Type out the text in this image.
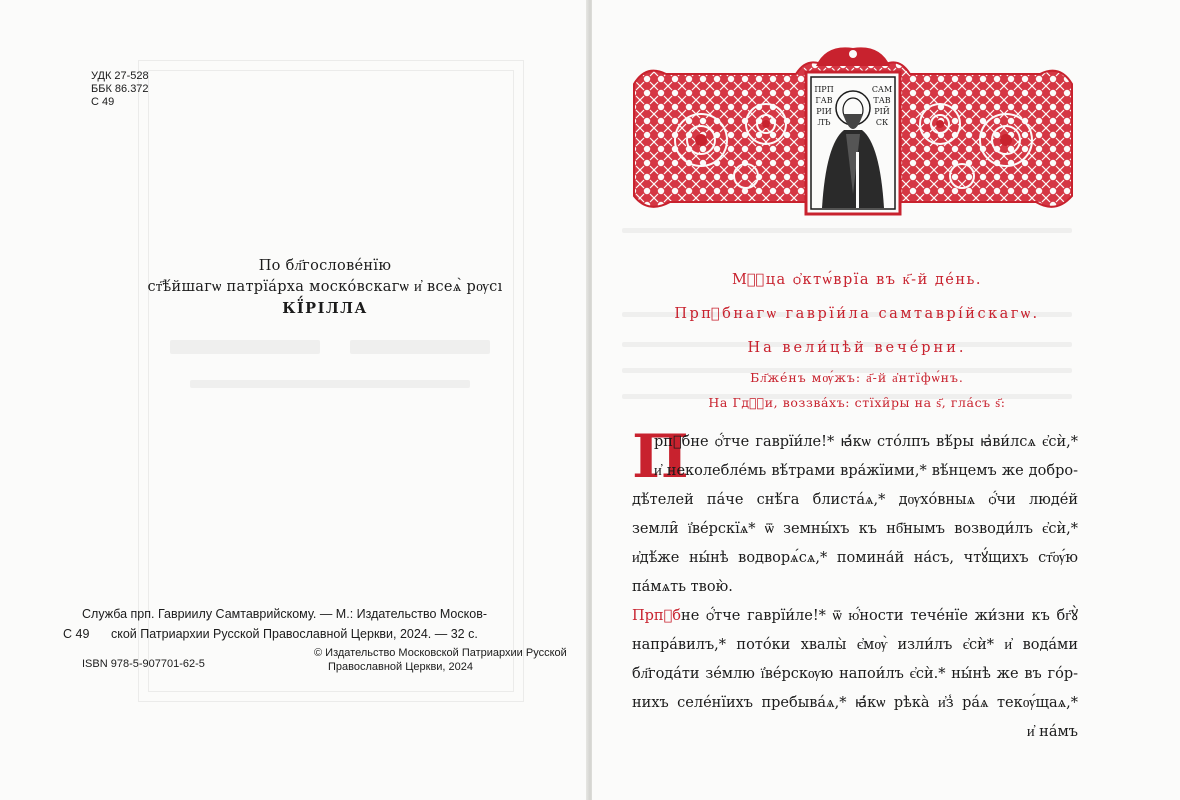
УДК 27-528
ББК 86.372
С 49
По бл҃гословéнїю
ст҃ѣ́йшагѡ патрїáрха москóвскагѡ и҆ всеѧ̀ рѹсı
КЇ́РІЛЛА
Служба прп. Гавриилу Самтаврийскому. — М.: Издательство Москов-
С 49 ской Патриархии Русской Православной Церкви, 2024. — 32 с.
ISBN 978-5-907701-62-5
© Издательство Московской Патриархии Русской
Православной Церкви, 2024
ПРП ГАВ РІИ ЛЪ
САМ ТАВ РІЙ СК
Мⷭ҇ца ѻ҆ктѡ́врїа въ к҃-й дéнь.
Прпⷣбнагѡ гаврїи́ла самтаврі́йскагѡ.
На вели́цѣй вечéрни.
Бл҃жéнъ мѹ́жъ: а҃-й а҆нтїфѡ́нъ.
На Гдⷭ҇и, воззвáхъ: стїхи̑ры на ѕ҃, глáсъ ѕ҃:
П
рпⷣбне ѻ҆́тче гаврїи́ле!* ꙗ҆́кѡ стóлпъ вѣ́ры ꙗ҆ви́лсѧ є҆сѝ,*
и҆ неколеблéмь вѣ́трами вра́жїими,* вѣ́нцемъ же добро-
дѣ́телей пáче снѣ́га блистáѧ,* дѹхóвныѧ ѻ҆́чи людéй
земли̑ ї҆вéрскїѧ* ѿ земны́хъ къ нб҃нымъ возводи́лъ є҆сѝ,*
и҆дѣ́же ны́нѣ водворѧ́сѧ,* помина́й на́съ, чтꙋ́щихъ ст҃ѹ́ю
па́мѧть твою̀.
Прпⷣбне ѻ҆́тче гаврїи́ле!* ѿ ю҆́ности течéнїе жи́зни къ бг҃ꙋ̀
напрáвилъ,* потóки хвалы̀ є҆мѹ̀ изли́лъ є҆сѝ* и҆ водáми
бл҃годáти зéмлю ї҆вéрскѹю напои́лъ є҆сѝ.* ны́нѣ же въ гóр-
нихъ селéнїихъ пребывáѧ,* ꙗ҆́кѡ рѣкà и҆з̾ рáѧ текѹ́щаѧ,*
и҆ нáмъ
